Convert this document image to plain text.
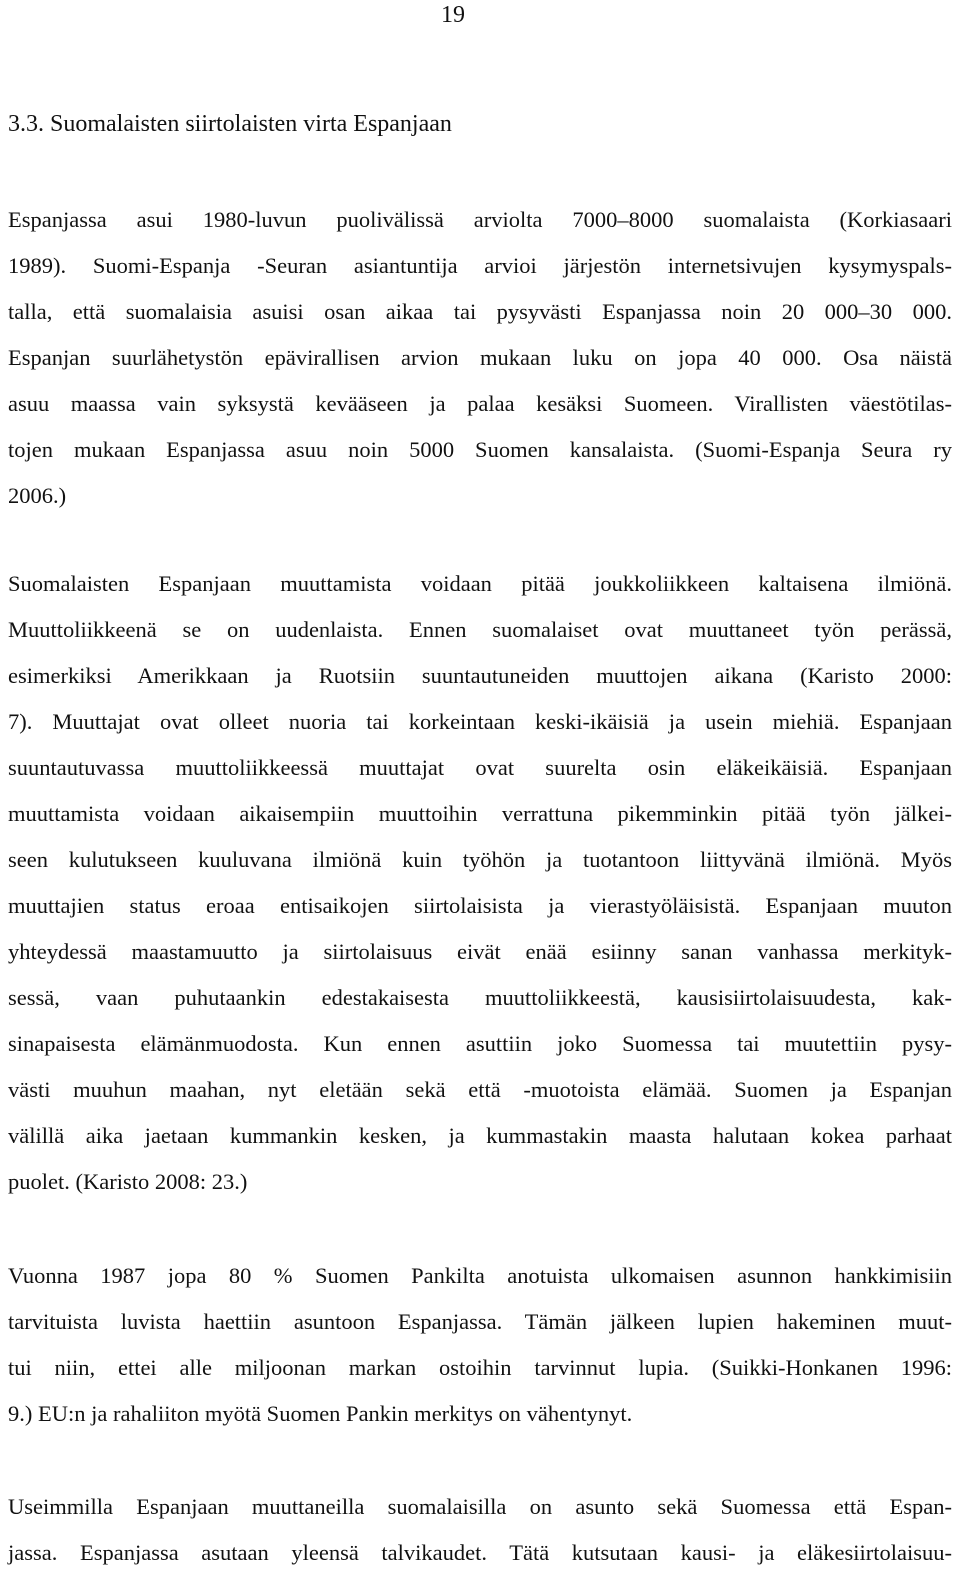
19
3.3. Suomalaisten siirtolaisten virta Espanjaan
Espanjassa asui 1980-luvun puolivälissä arviolta 7000–8000 suomalaista (Korkiasaari
1989). Suomi-Espanja -Seuran asiantuntija arvioi järjestön internetsivujen kysymyspals-
talla, että suomalaisia asuisi osan aikaa tai pysyvästi Espanjassa noin 20 000–30 000.
Espanjan suurlähetystön epävirallisen arvion mukaan luku on jopa 40 000. Osa näistä
asuu maassa vain syksystä kevääseen ja palaa kesäksi Suomeen. Virallisten väestötilas-
tojen mukaan Espanjassa asuu noin 5000 Suomen kansalaista. (Suomi-Espanja Seura ry
2006.)
Suomalaisten Espanjaan muuttamista voidaan pitää joukkoliikkeen kaltaisena ilmiönä.
Muuttoliikkeenä se on uudenlaista. Ennen suomalaiset ovat muuttaneet työn perässä,
esimerkiksi Amerikkaan ja Ruotsiin suuntautuneiden muuttojen aikana (Karisto 2000:
7). Muuttajat ovat olleet nuoria tai korkeintaan keski-ikäisiä ja usein miehiä. Espanjaan
suuntautuvassa muuttoliikkeessä muuttajat ovat suurelta osin eläkeikäisiä. Espanjaan
muuttamista voidaan aikaisempiin muuttoihin verrattuna pikemminkin pitää työn jälkei-
seen kulutukseen kuuluvana ilmiönä kuin työhön ja tuotantoon liittyvänä ilmiönä. Myös
muuttajien status eroaa entisaikojen siirtolaisista ja vierastyöläisistä. Espanjaan muuton
yhteydessä maastamuutto ja siirtolaisuus eivät enää esiinny sanan vanhassa merkityk-
sessä, vaan puhutaankin edestakaisesta muuttoliikkeestä, kausisiirtolaisuudesta, kak-
sinapaisesta elämänmuodosta. Kun ennen asuttiin joko Suomessa tai muutettiin pysy-
västi muuhun maahan, nyt eletään sekä että -muotoista elämää. Suomen ja Espanjan
välillä aika jaetaan kummankin kesken, ja kummastakin maasta halutaan kokea parhaat
puolet. (Karisto 2008: 23.)
Vuonna 1987 jopa 80 % Suomen Pankilta anotuista ulkomaisen asunnon hankkimisiin
tarvituista luvista haettiin asuntoon Espanjassa. Tämän jälkeen lupien hakeminen muut-
tui niin, ettei alle miljoonan markan ostoihin tarvinnut lupia. (Suikki-Honkanen 1996:
9.) EU:n ja rahaliiton myötä Suomen Pankin merkitys on vähentynyt.
Useimmilla Espanjaan muuttaneilla suomalaisilla on asunto sekä Suomessa että Espan-
jassa. Espanjassa asutaan yleensä talvikaudet. Tätä kutsutaan kausi- ja eläkesiirtolaisuu-
